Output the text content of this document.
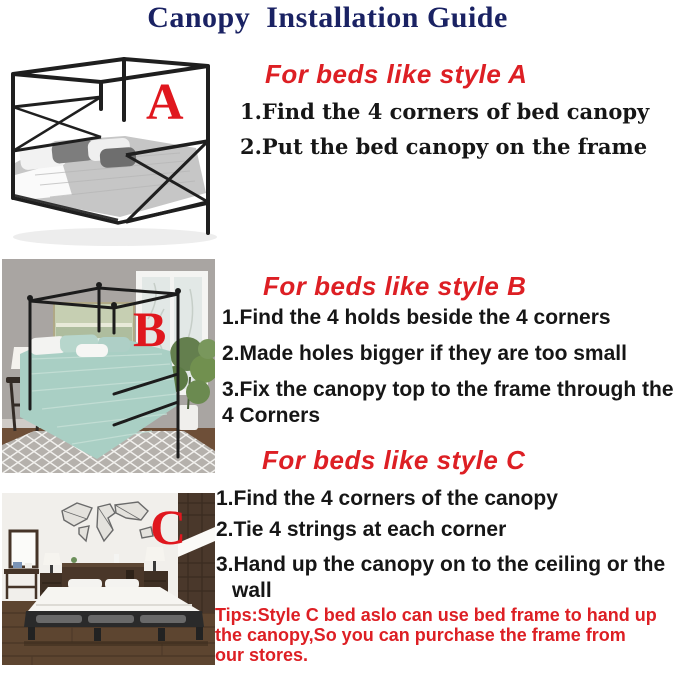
Canopy  Installation Guide
A
B
C
For beds like style A
1.Find the 4 corners of bed canopy
2.Put the bed canopy on the frame
For beds like style B
1.Find the 4 holds beside the 4 corners
2.Made holes bigger if they are too small
3.Fix the canopy top to the frame through the 4 Corners
For beds like style C
1.Find the 4 corners of the canopy
2.Tie 4 strings at each corner
3.Hand up the canopy on to the ceiling or the wall
Tips:Style C bed aslo can use bed frame to hand up
the canopy,So you can purchase the frame from
our stores.
